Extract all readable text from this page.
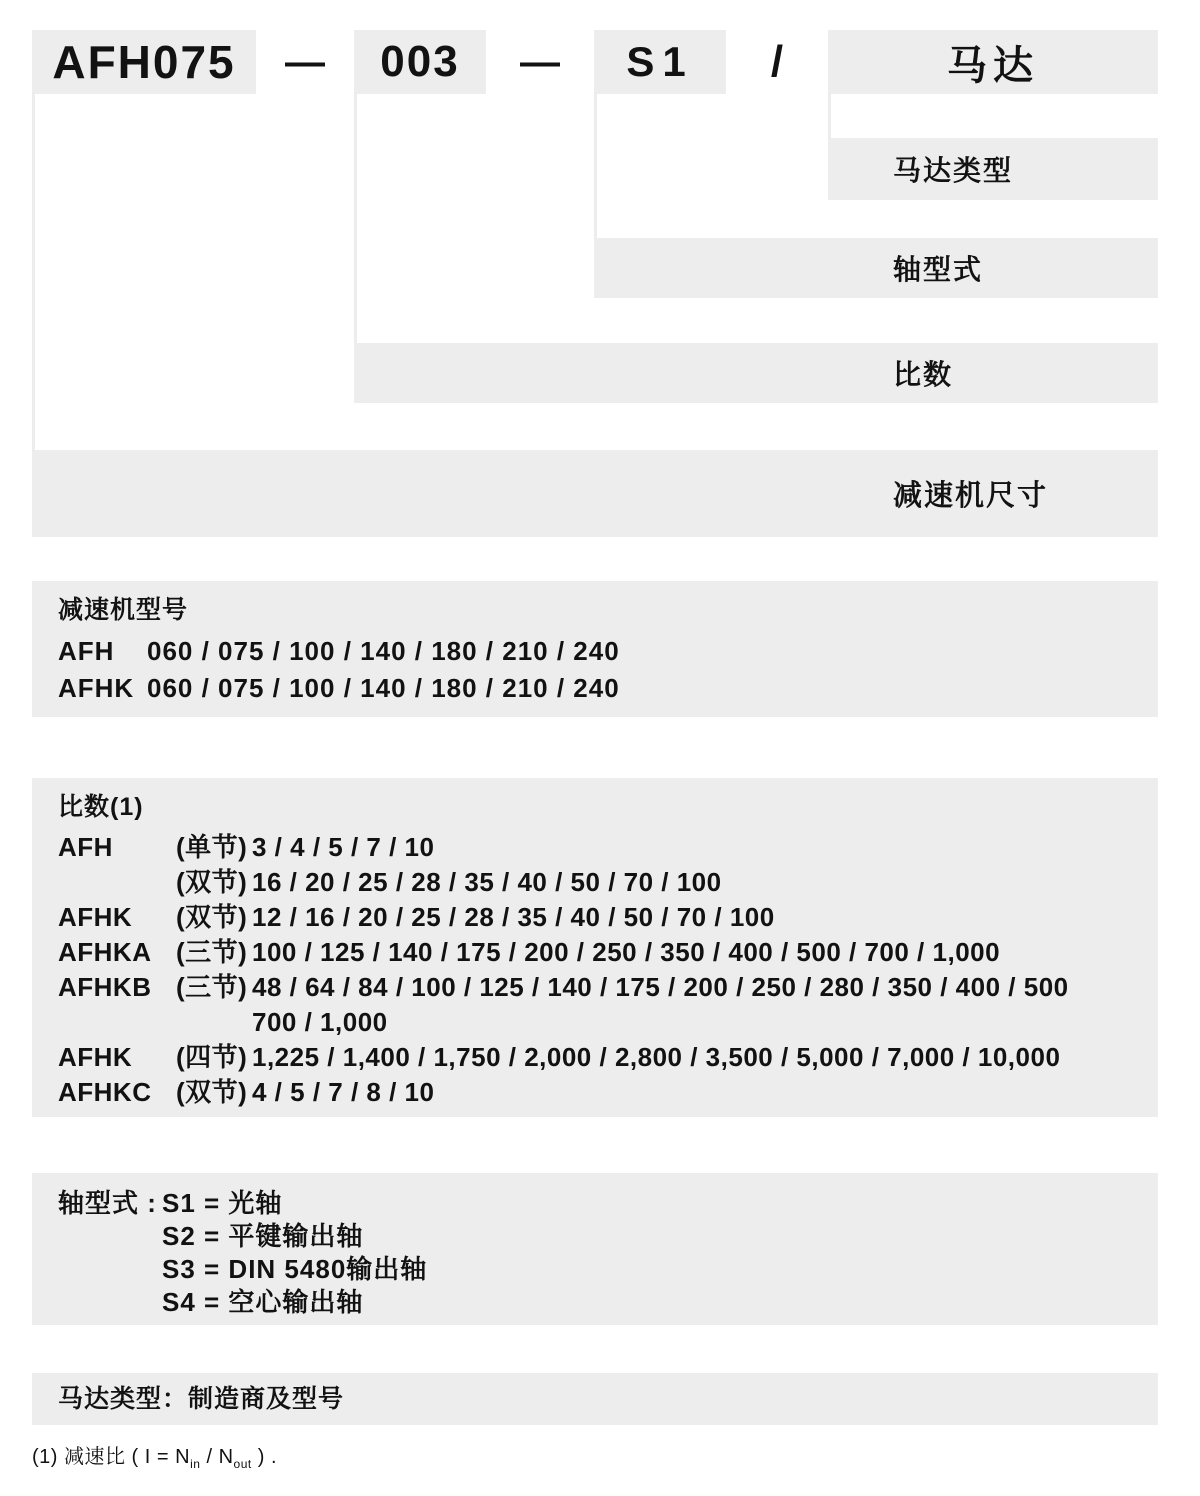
AFH075	—	003	—	S1	/	马达
马达类型
轴型式
比数
减速机尺寸
减速机型号
AFH	060 / 075 / 100 / 140 / 180 / 210 / 240
AFHK 060 / 075 / 100 / 140 / 180 / 210 / 240
比数(1)
AFH	(单节) 3 / 4 / 5 / 7 / 10
(双节) 16 / 20 / 25 / 28 / 35 / 40 / 50 / 70 / 100
AFHK	(双节) 12 / 16 / 20 / 25 / 28 / 35 / 40 / 50 / 70 / 100
AFHKA (三节) 100 / 125 / 140 / 175 / 200 / 250 / 350 / 400 / 500 / 700 / 1,000
AFHKB (三节) 48 / 64 / 84 / 100 / 125 / 140 / 175 / 200 / 250 / 280 / 350 / 400 / 500
700 / 1,000
AFHK	(四节) 1,225 / 1,400 / 1,750 / 2,000 / 2,800 / 3,500 / 5,000 / 7,000 / 10,000
AFHKC (双节) 4 / 5 / 7 / 8 / 10
轴型式 : S1 = 光轴
S2 = 平键输出轴
S3 = DIN 5480输出轴
S4 = 空心输出轴
马达类型：制造商及型号
(1) 减速比 ( $I = N_{in} / N_{out}$ ) .
